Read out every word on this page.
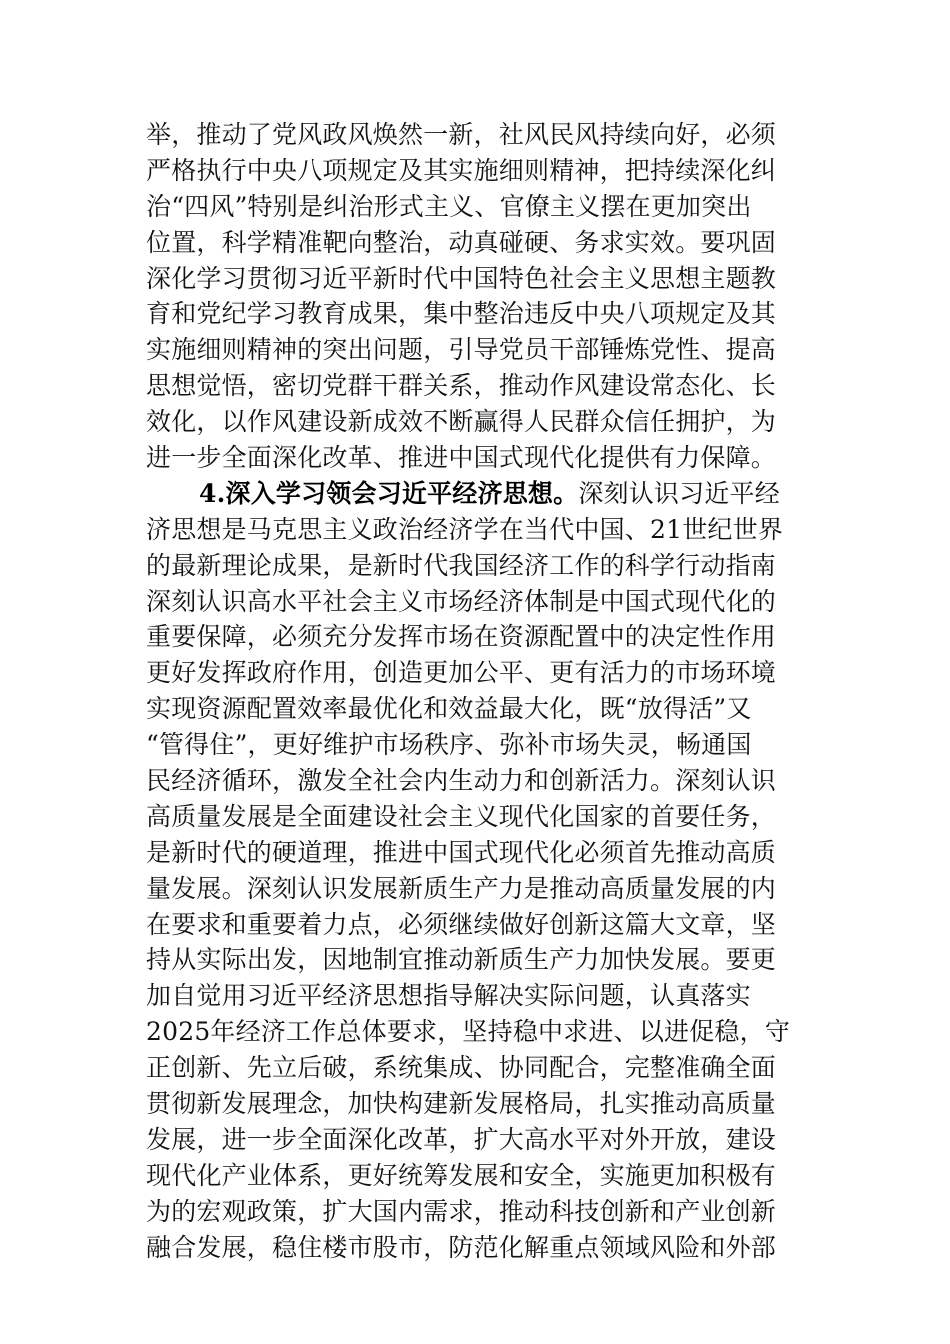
举，推动了党风政风焕然一新，社风民风持续向好，必须
严格执行中央八项规定及其实施细则精神，把持续深化纠
治“四风”特别是纠治形式主义、官僚主义摆在更加突出
位置，科学精准靶向整治，动真碰硬、务求实效。要巩固
深化学习贯彻习近平新时代中国特色社会主义思想主题教
育和党纪学习教育成果，集中整治违反中央八项规定及其
实施细则精神的突出问题，引导党员干部锤炼党性、提高
思想觉悟，密切党群干群关系，推动作风建设常态化、长
效化，以作风建设新成效不断赢得人民群众信任拥护，为
进一步全面深化改革、推进中国式现代化提供有力保障。
4.深入学习领会习近平经济思想。深刻认识习近平经
济思想是马克思主义政治经济学在当代中国、21世纪世界
的最新理论成果，是新时代我国经济工作的科学行动指南
深刻认识高水平社会主义市场经济体制是中国式现代化的
重要保障，必须充分发挥市场在资源配置中的决定性作用
更好发挥政府作用，创造更加公平、更有活力的市场环境
实现资源配置效率最优化和效益最大化，既“放得活”又
“管得住”，更好维护市场秩序、弥补市场失灵，畅通国
民经济循环，激发全社会内生动力和创新活力。深刻认识
高质量发展是全面建设社会主义现代化国家的首要任务，
是新时代的硬道理，推进中国式现代化必须首先推动高质
量发展。深刻认识发展新质生产力是推动高质量发展的内
在要求和重要着力点，必须继续做好创新这篇大文章，坚
持从实际出发，因地制宜推动新质生产力加快发展。要更
加自觉用习近平经济思想指导解决实际问题，认真落实
2025年经济工作总体要求，坚持稳中求进、以进促稳，守
正创新、先立后破，系统集成、协同配合，完整准确全面
贯彻新发展理念，加快构建新发展格局，扎实推动高质量
发展，进一步全面深化改革，扩大高水平对外开放，建设
现代化产业体系，更好统筹发展和安全，实施更加积极有
为的宏观政策，扩大国内需求，推动科技创新和产业创新
融合发展，稳住楼市股市，防范化解重点领域风险和外部
